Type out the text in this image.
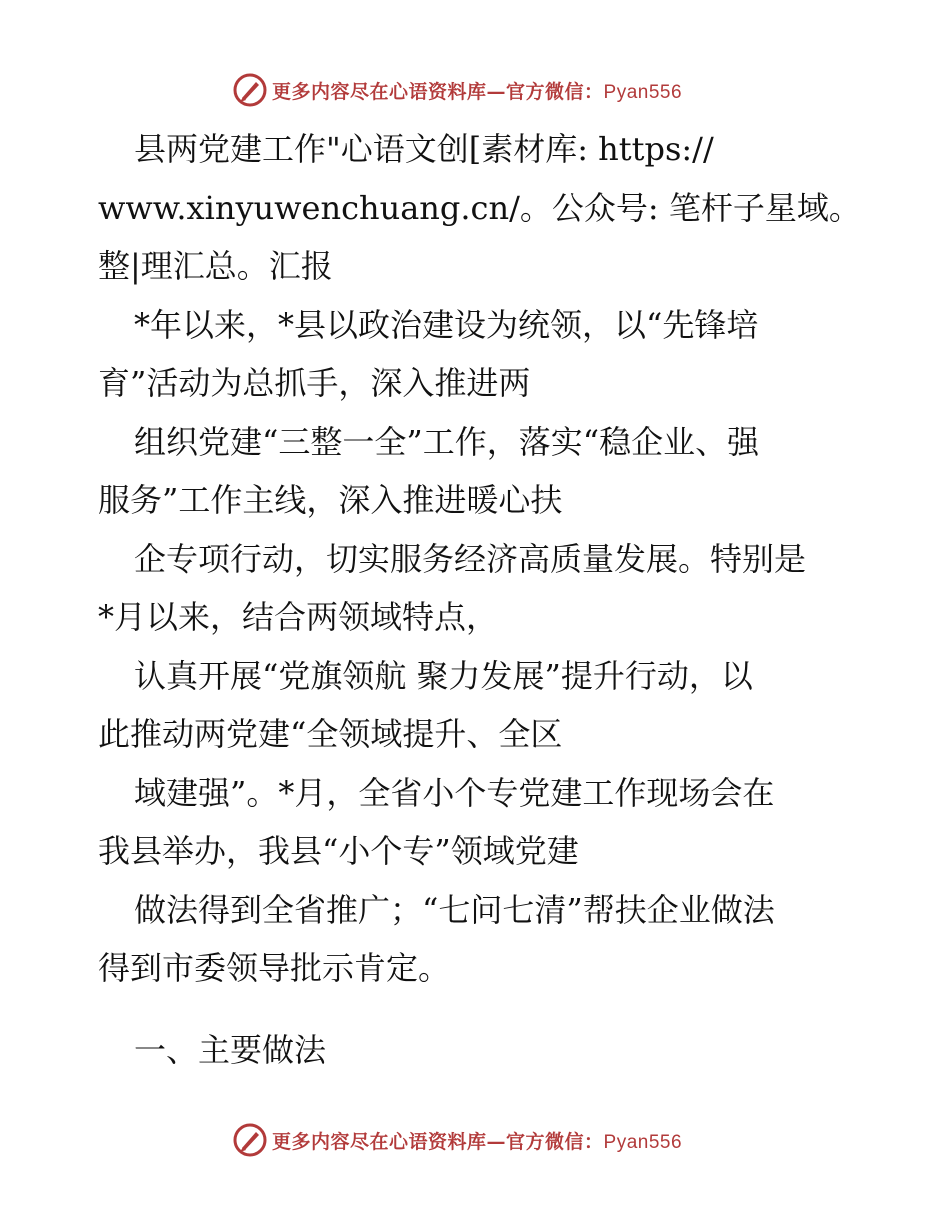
更多内容尽在心语资料库—官方微信：Pyan556
县两党建工作"心语文创[素材库: https://
www.xinyuwenchuang.cn/。公众号: 笔杆子星域。
整|理汇总。汇报
*年以来，*县以政治建设为统领，以“先锋培
育”活动为总抓手，深入推进两
组织党建“三整一全”工作，落实“稳企业、强
服务”工作主线，深入推进暖心扶
企专项行动，切实服务经济高质量发展。特别是
*月以来，结合两领域特点，
认真开展“党旗领航 聚力发展”提升行动，以
此推动两党建“全领域提升、全区
域建强”。*月，全省小个专党建工作现场会在
我县举办，我县“小个专”领域党建
做法得到全省推广；“七问七清”帮扶企业做法
得到市委领导批示肯定。
一、主要做法
更多内容尽在心语资料库—官方微信：Pyan556
